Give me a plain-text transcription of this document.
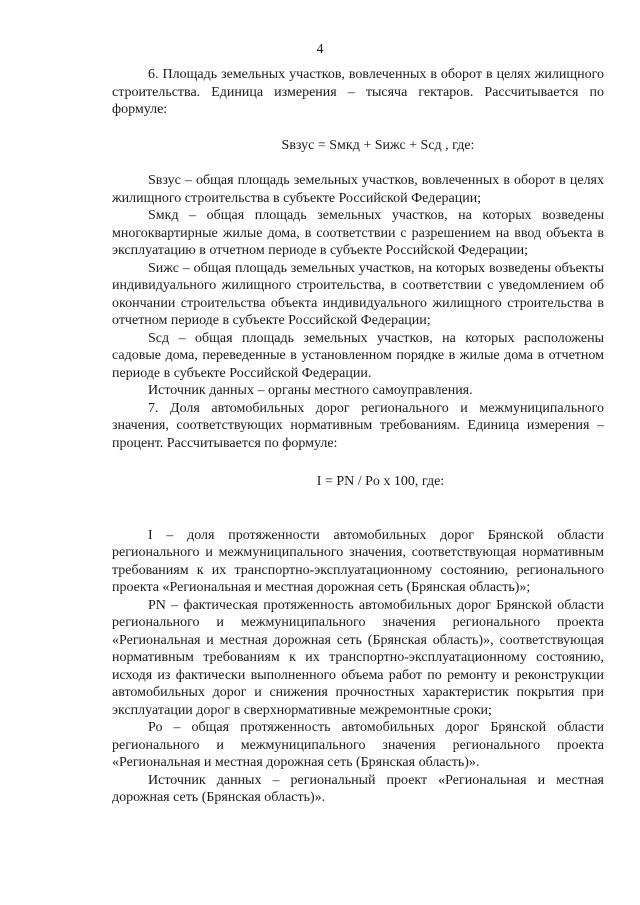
4

6. Площадь земельных участков, вовлеченных в оборот в целях жилищного строительства. Единица измерения – тысяча гектаров. Рассчитывается по формуле:

Sвзус = Sмкд + Sижс + Sсд , где:

Sвзус – общая площадь земельных участков, вовлеченных в оборот в целях жилищного строительства в субъекте Российской Федерации;

Sмкд – общая площадь земельных участков, на которых возведены многоквартирные жилые дома, в соответствии с разрешением на ввод объекта в эксплуатацию в отчетном периоде в субъекте Российской Федерации;

Sижс – общая площадь земельных участков, на которых возведены объекты индивидуального жилищного строительства, в соответствии с уведомлением об окончании строительства объекта индивидуального жилищного строительства в отчетном периоде в субъекте Российской Федерации;

Sсд – общая площадь земельных участков, на которых расположены садовые дома, переведенные в установленном порядке в жилые дома в отчетном периоде в субъекте Российской Федерации.

Источник данных – органы местного самоуправления.

7. Доля автомобильных дорог регионального и межмуниципального значения, соответствующих нормативным требованиям. Единица измерения – процент. Рассчитывается по формуле:

I = PN / Po x 100, где:

I – доля протяженности автомобильных дорог Брянской области регионального и межмуниципального значения, соответствующая нормативным требованиям к их транспортно-эксплуатационному состоянию, регионального проекта «Региональная и местная дорожная сеть (Брянская область)»;

PN – фактическая протяженность автомобильных дорог Брянской области регионального и межмуниципального значения регионального проекта «Региональная и местная дорожная сеть (Брянская область)», соответствующая нормативным требованиям к их транспортно-эксплуатационному состоянию, исходя из фактически выполненного объема работ по ремонту и реконструкции автомобильных дорог и снижения прочностных характеристик покрытия при эксплуатации дорог в сверхнормативные межремонтные сроки;

Ро – общая протяженность автомобильных дорог Брянской области регионального и межмуниципального значения регионального проекта «Региональная и местная дорожная сеть (Брянская область)».

Источник данных – региональный проект «Региональная и местная дорожная сеть (Брянская область)».
